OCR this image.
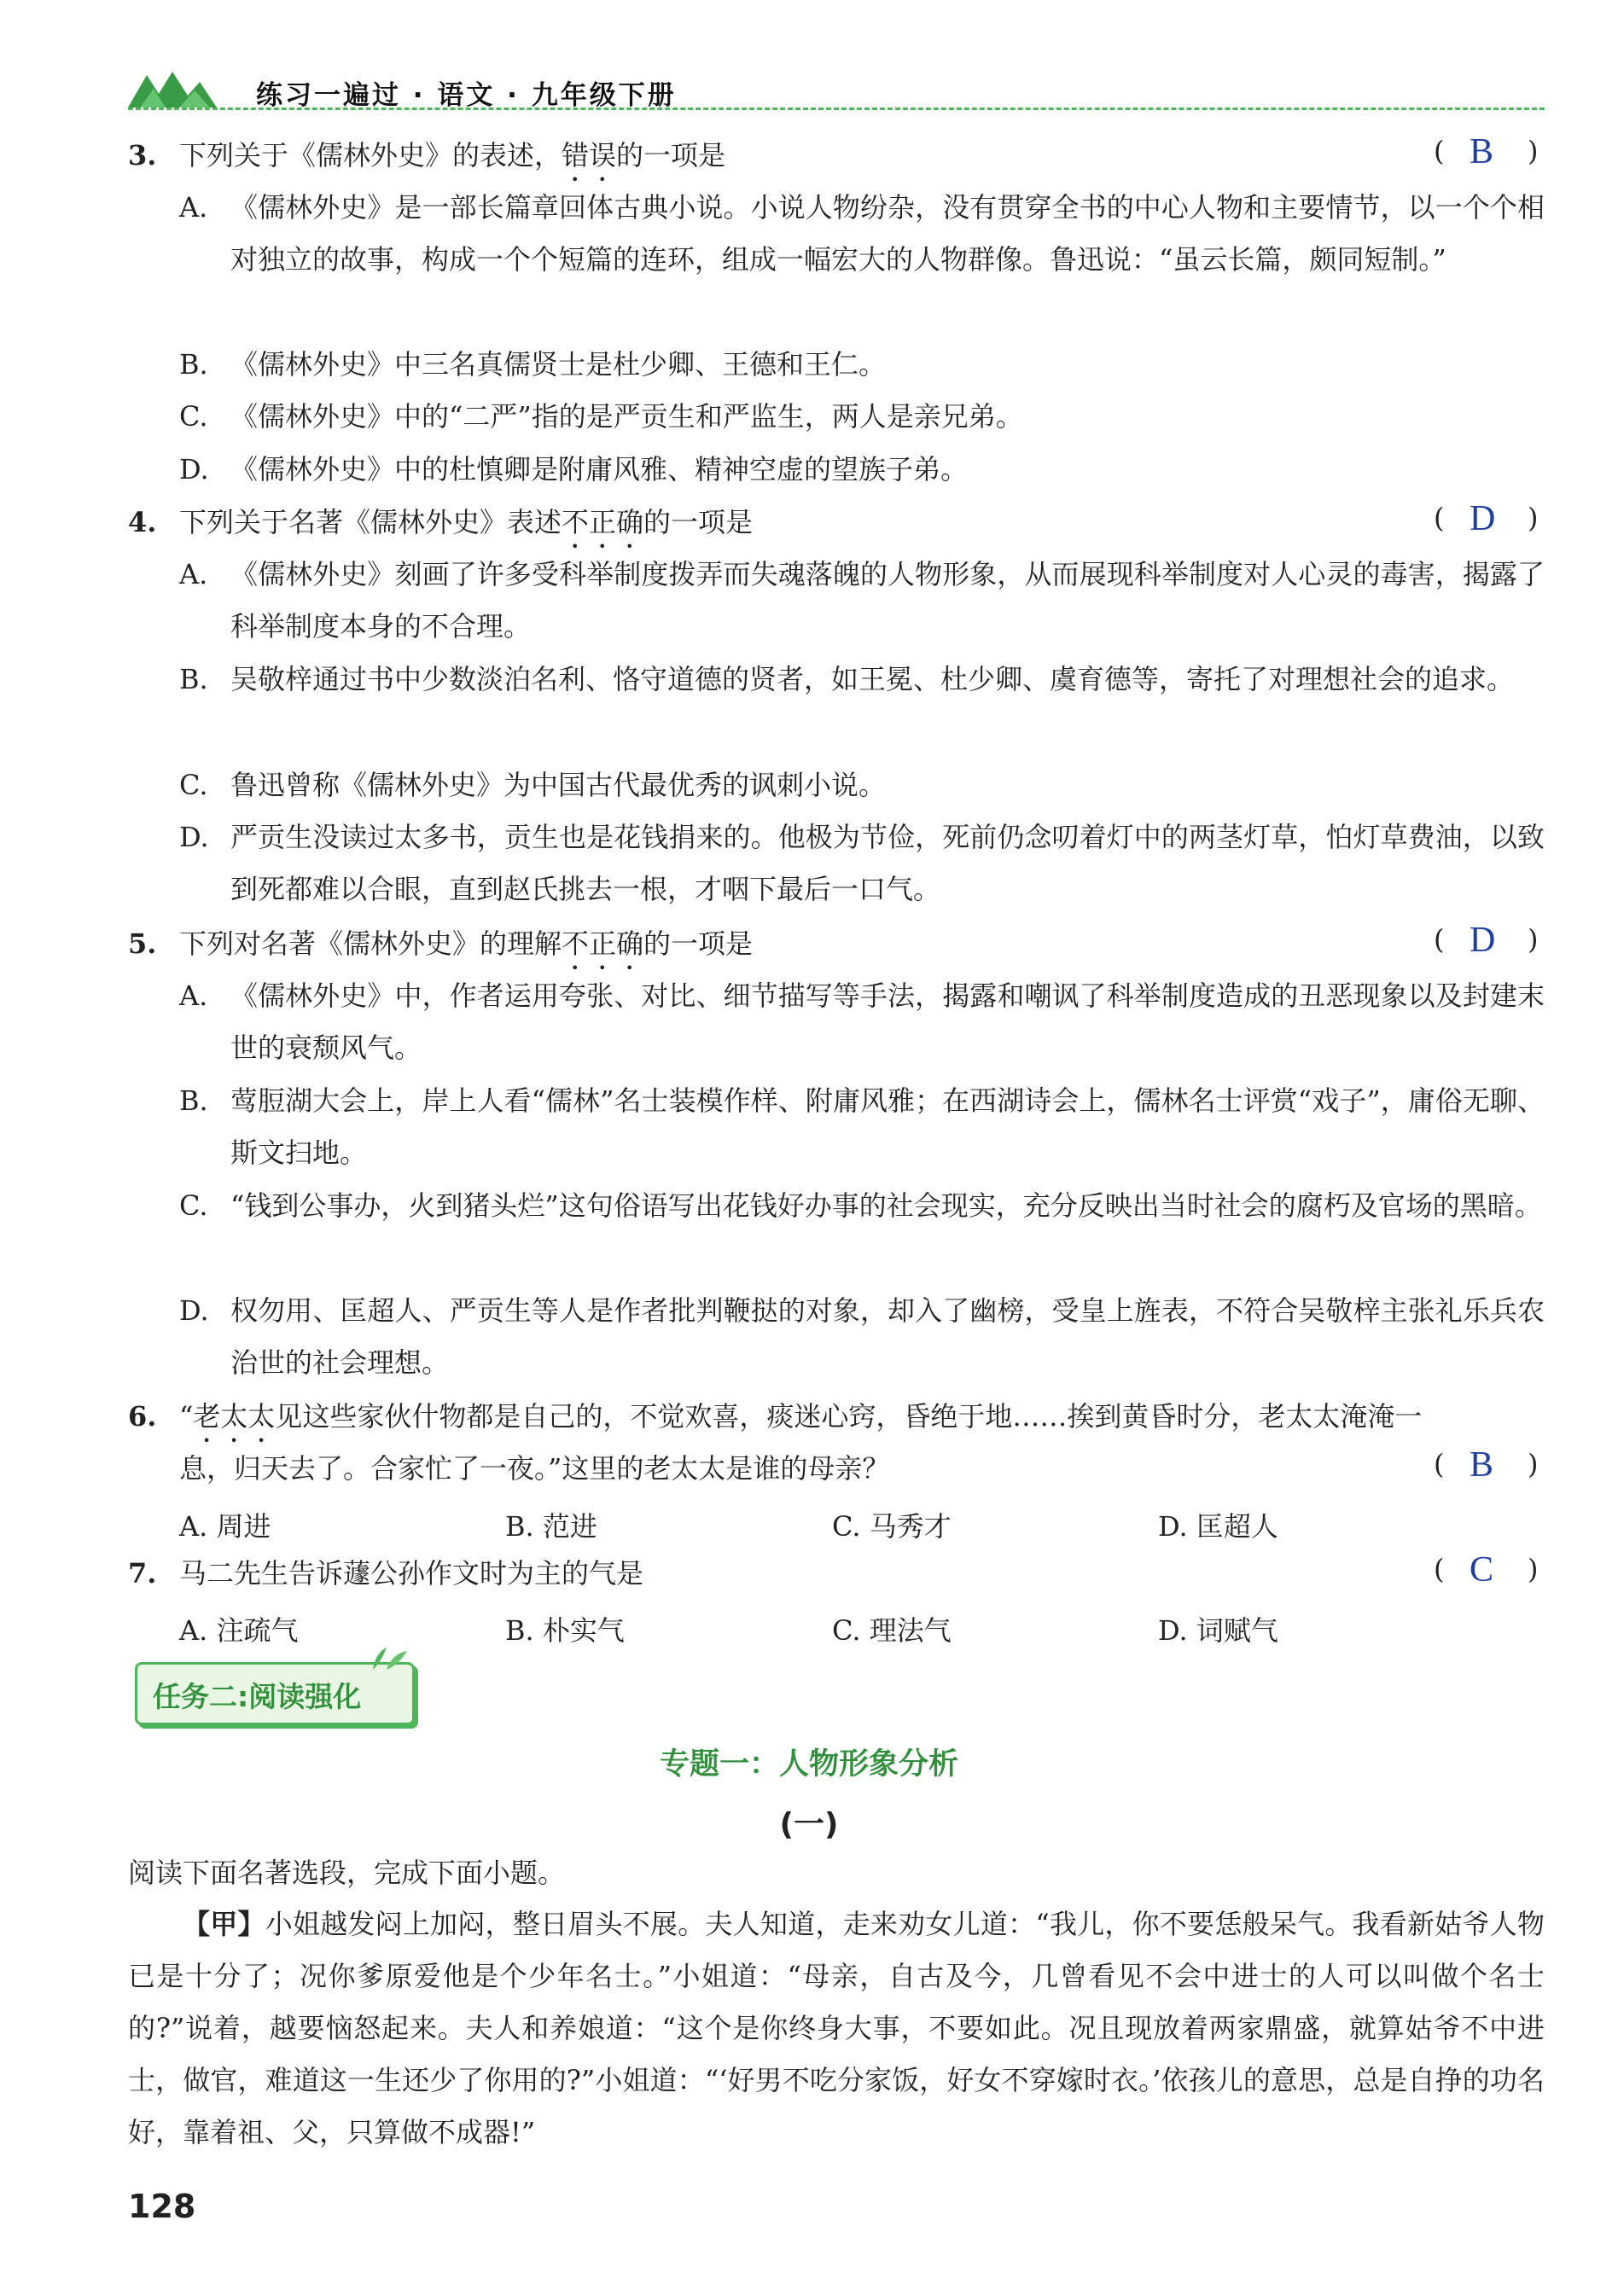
练习一遍过 · 语文 · 九年级下册
3. 下列关于《儒林外史》的表述，错误的一项是	( B )
A. 《儒林外史》是一部长篇章回体古典小说。小说人物纷杂，没有贯穿全书的中心人物和主要情节，以一个个相对独立的故事，构成一个个短篇的连环，组成一幅宏大的人物群像。鲁迅说：“虽云长篇，颇同短制。”
B. 《儒林外史》中三名真儒贤士是杜少卿、王德和王仁。
C. 《儒林外史》中的“二严”指的是严贡生和严监生，两人是亲兄弟。
D. 《儒林外史》中的杜慎卿是附庸风雅、精神空虚的望族子弟。
4. 下列关于名著《儒林外史》表述不正确的一项是	( D )
A. 《儒林外史》刻画了许多受科举制度拨弄而失魂落魄的人物形象，从而展现科举制度对人心灵的毒害，揭露了科举制度本身的不合理。
B. 吴敬梓通过书中少数淡泊名利、恪守道德的贤者，如王冕、杜少卿、虞育德等，寄托了对理想社会的追求。
C. 鲁迅曾称《儒林外史》为中国古代最优秀的讽刺小说。
D. 严贡生没读过太多书，贡生也是花钱捐来的。他极为节俭，死前仍念叨着灯中的两茎灯草，怕灯草费油，以致到死都难以合眼，直到赵氏挑去一根，才咽下最后一口气。
5. 下列对名著《儒林外史》的理解不正确的一项是	( D )
A. 《儒林外史》中，作者运用夸张、对比、细节描写等手法，揭露和嘲讽了科举制度造成的丑恶现象以及封建末世的衰颓风气。
B. 莺脰湖大会上，岸上人看“儒林”名士装模作样、附庸风雅；在西湖诗会上，儒林名士评赏“戏子”，庸俗无聊、斯文扫地。
C. “钱到公事办，火到猪头烂”这句俗语写出花钱好办事的社会现实，充分反映出当时社会的腐朽及官场的黑暗。
D. 权勿用、匡超人、严贡生等人是作者批判鞭挞的对象，却入了幽榜，受皇上旌表，不符合吴敬梓主张礼乐兵农治世的社会理想。
6. “老太太见这些家伙什物都是自己的，不觉欢喜，痰迷心窍，昏绝于地……挨到黄昏时分，老太太淹淹一
息，归天去了。合家忙了一夜。”这里的老太太是谁的母亲？	( B )
A. 周进	B. 范进	C. 马秀才	D. 匡超人
7. 马二先生告诉蘧公孙作文时为主的气是	( C )
A. 注疏气	B. 朴实气	C. 理法气	D. 词赋气
任务二:阅读强化
专题一：人物形象分析
(一)
阅读下面名著选段，完成下面小题。
【甲】小姐越发闷上加闷，整日眉头不展。夫人知道，走来劝女儿道：“我儿，你不要恁般呆气。我看新姑爷人物已是十分了；况你爹原爱他是个少年名士。”小姐道：“母亲，自古及今，几曾看见不会中进士的人可以叫做个名士的?”说着，越要恼怒起来。夫人和养娘道：“这个是你终身大事，不要如此。况且现放着两家鼎盛，就算姑爷不中进士，做官，难道这一生还少了你用的?”小姐道：“‘好男不吃分家饭，好女不穿嫁时衣。’依孩儿的意思，总是自挣的功名好，靠着祖、父，只算做不成器!”
128
